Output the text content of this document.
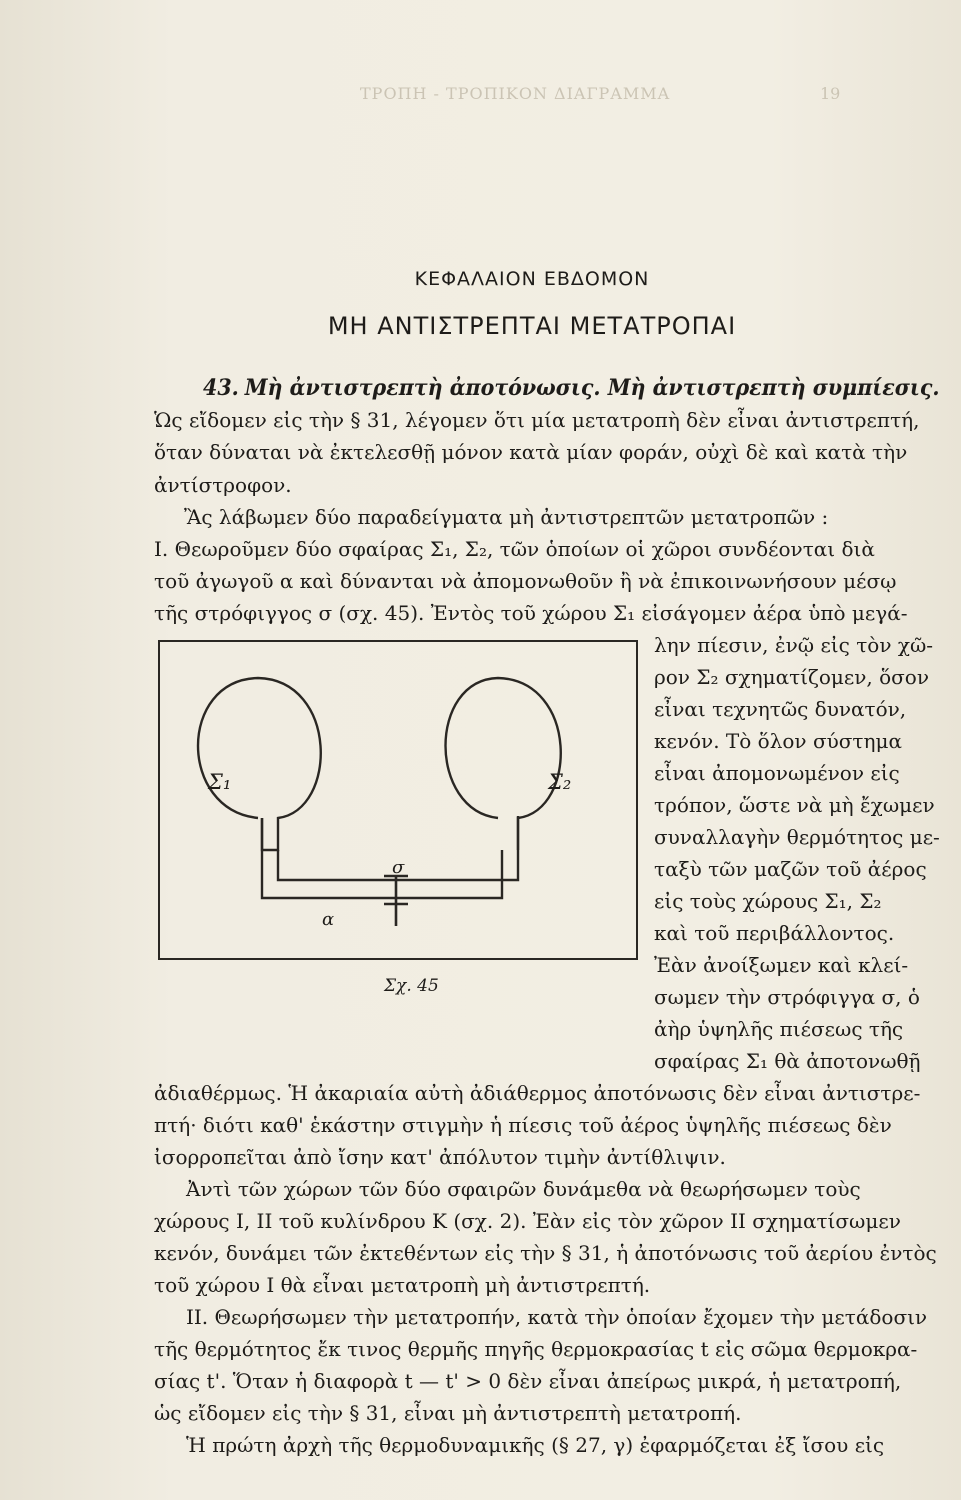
ΤΡΟΠΗ - ΤΡΟΠΙΚΟΝ ΔΙΑΓΡΑΜΜΑ	19
ΚΕΦΑΛΑΙΟΝ ΕΒΔΟΜΟΝ
ΜΗ ΑΝΤΙΣΤΡΕΠΤΑΙ ΜΕΤΑΤΡΟΠΑΙ
43. Μὴ ἀντιστρεπτὴ ἀποτόνωσις. Μὴ ἀντιστρεπτὴ συμπίεσις.
Ὡς εἴδομεν εἰς τὴν § 31, λέγομεν ὅτι μία μετατροπὴ δὲν εἶναι ἀντιστρεπτή,
ὅταν δύναται νὰ ἐκτελεσθῇ μόνον κατὰ μίαν φοράν, οὐχὶ δὲ καὶ κατὰ τὴν
ἀντίστροφον.
Ἂς λάβωμεν δύο παραδείγματα μὴ ἀντιστρεπτῶν μετατροπῶν :
I. Θεωροῦμεν δύο σφαίρας Σ₁, Σ₂, τῶν ὁποίων οἱ χῶροι συνδέονται διὰ
τοῦ ἀγωγοῦ α καὶ δύνανται νὰ ἀπομονωθοῦν ἢ νὰ ἐπικοινωνήσουν μέσῳ
τῆς στρόφιγγος σ (σχ. 45). Ἐντὸς τοῦ χώρου Σ₁ εἰσάγομεν ἀέρα ὑπὸ μεγά-
λην πίεσιν, ἐνῷ εἰς τὸν χῶ-
ρον Σ₂ σχηματίζομεν, ὅσον
εἶναι τεχνητῶς δυνατόν,
κενόν. Τὸ ὅλον σύστημα
εἶναι ἀπομονωμένον εἰς
τρόπον, ὥστε νὰ μὴ ἔχωμεν
συναλλαγὴν θερμότητος με-
ταξὺ τῶν μαζῶν τοῦ ἀέρος
εἰς τοὺς χώρους Σ₁, Σ₂
καὶ τοῦ περιβάλλοντος.
Ἐὰν ἀνοίξωμεν καὶ κλεί-
σωμεν τὴν στρόφιγγα σ, ὁ
ἀὴρ ὑψηλῆς πιέσεως τῆς
σφαίρας Σ₁ θὰ ἀποτονωθῇ
Σ₁	Σ₂
σ
α
Σχ. 45
ἀδιαθέρμως. Ἡ ἀκαριαία αὐτὴ ἀδιάθερμος ἀποτόνωσις δὲν εἶναι ἀντιστρε-
πτή· διότι καθ' ἑκάστην στιγμὴν ἡ πίεσις τοῦ ἀέρος ὑψηλῆς πιέσεως δὲν
ἰσορροπεῖται ἀπὸ ἴσην κατ' ἀπόλυτον τιμὴν ἀντίθλιψιν.
Ἀντὶ τῶν χώρων τῶν δύο σφαιρῶν δυνάμεθα νὰ θεωρήσωμεν τοὺς
χώρους I, II τοῦ κυλίνδρου K (σχ. 2). Ἐὰν εἰς τὸν χῶρον II σχηματίσωμεν
κενόν, δυνάμει τῶν ἐκτεθέντων εἰς τὴν § 31, ἡ ἀποτόνωσις τοῦ ἀερίου ἐντὸς
τοῦ χώρου I θὰ εἶναι μετατροπὴ μὴ ἀντιστρεπτή.
II. Θεωρήσωμεν τὴν μετατροπήν, κατὰ τὴν ὁποίαν ἔχομεν τὴν μετάδοσιν
τῆς θερμότητος ἔκ τινος θερμῆς πηγῆς θερμοκρασίας t εἰς σῶμα θερμοκρα-
σίας t'. Ὅταν ἡ διαφορὰ t — t' > 0 δὲν εἶναι ἀπείρως μικρά, ἡ μετατροπή,
ὡς εἴδομεν εἰς τὴν § 31, εἶναι μὴ ἀντιστρεπτὴ μετατροπή.
Ἡ πρώτη ἀρχὴ τῆς θερμοδυναμικῆς (§ 27, γ) ἐφαρμόζεται ἐξ ἴσου εἰς
